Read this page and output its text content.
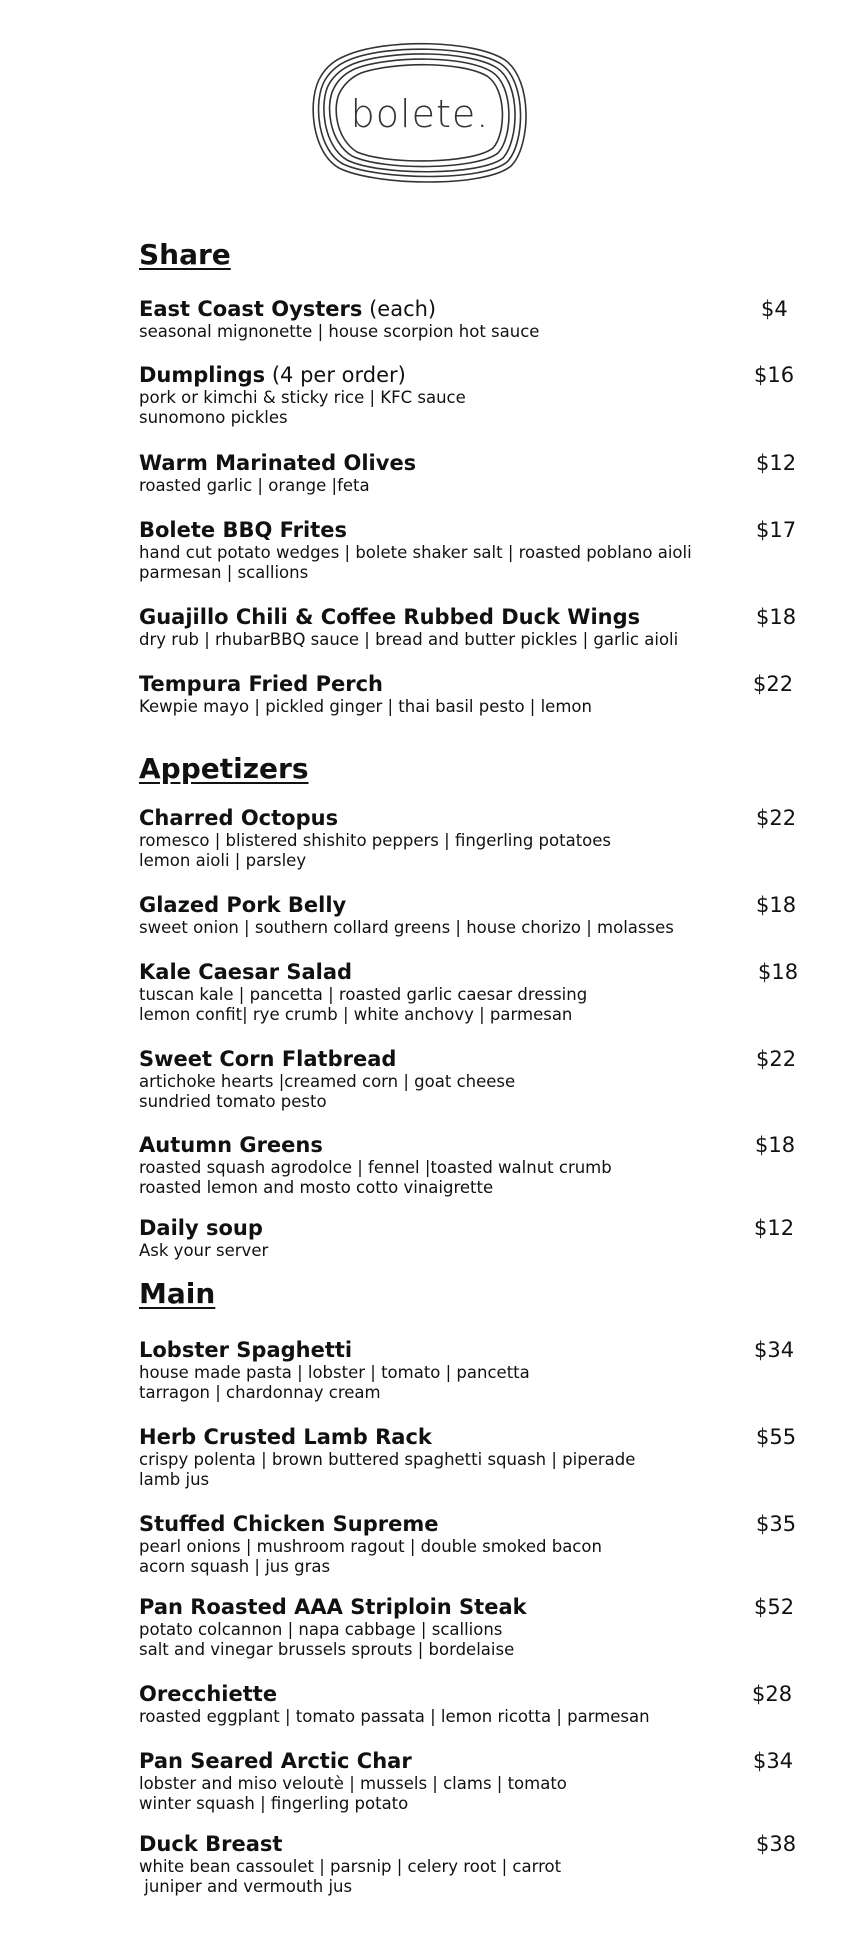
bolete.
Share
East Coast Oysters (each)
seasonal mignonette | house scorpion hot sauce
$4
Dumplings (4 per order)
pork or kimchi & sticky rice | KFC sauce
sunomono pickles
$16
Warm Marinated Olives
roasted garlic | orange |feta
$12
Bolete BBQ Frites
hand cut potato wedges | bolete shaker salt | roasted poblano aioli
parmesan | scallions
$17
Guajillo Chili & Coffee Rubbed Duck Wings
dry rub | rhubarBBQ sauce | bread and butter pickles | garlic aioli
$18
Tempura Fried Perch
Kewpie mayo | pickled ginger | thai basil pesto | lemon
$22
Appetizers
Charred Octopus
romesco | blistered shishito peppers | fingerling potatoes
lemon aioli | parsley
$22
Glazed Pork Belly
sweet onion | southern collard greens | house chorizo | molasses
$18
Kale Caesar Salad
tuscan kale | pancetta | roasted garlic caesar dressing
lemon confit| rye crumb | white anchovy | parmesan
$18
Sweet Corn Flatbread
artichoke hearts |creamed corn | goat cheese
sundried tomato pesto
$22
Autumn Greens
roasted squash agrodolce | fennel |toasted walnut crumb
roasted lemon and mosto cotto vinaigrette
$18
Daily soup
Ask your server
$12
Main
Lobster Spaghetti
house made pasta | lobster | tomato | pancetta
tarragon | chardonnay cream
$34
Herb Crusted Lamb Rack
crispy polenta | brown buttered spaghetti squash | piperade
lamb jus
$55
Stuffed Chicken Supreme
pearl onions | mushroom ragout | double smoked bacon
acorn squash | jus gras
$35
Pan Roasted AAA Striploin Steak
potato colcannon | napa cabbage | scallions
salt and vinegar brussels sprouts | bordelaise
$52
Orecchiette
roasted eggplant | tomato passata | lemon ricotta | parmesan
$28
Pan Seared Arctic Char
lobster and miso veloutè | mussels | clams | tomato
winter squash | fingerling potato
$34
Duck Breast
white bean cassoulet | parsnip | celery root | carrot
juniper and vermouth jus
$38
